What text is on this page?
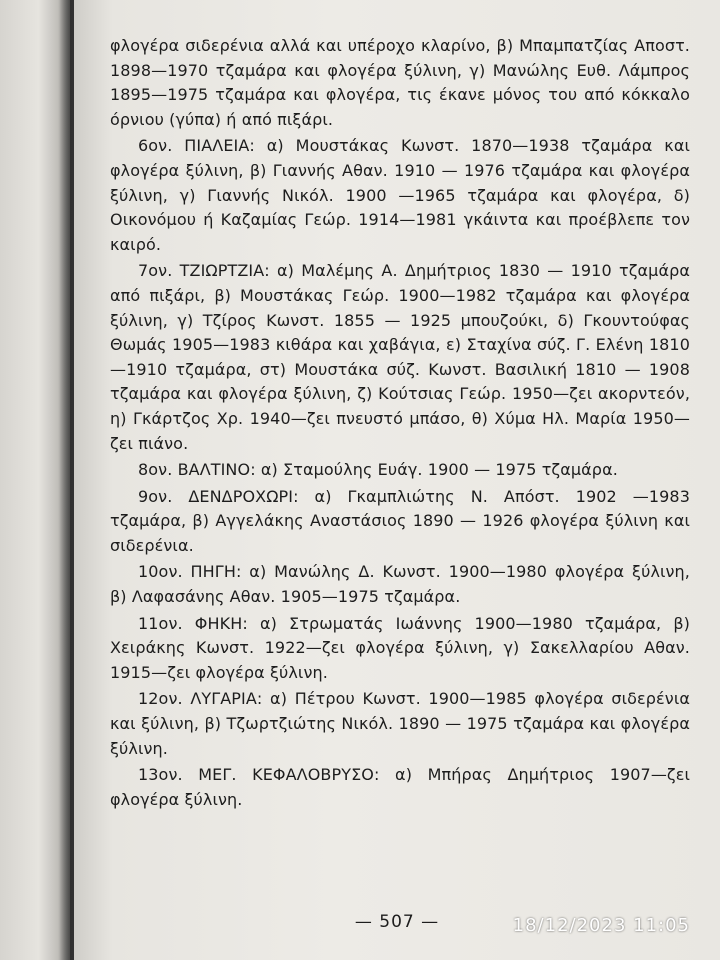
φλογέρα σιδερένια αλλά και υπέροχο κλαρίνο, β) Μπαμπατζίας Αποστ. 1898—1970 τζαμάρα και φλογέρα ξύλινη, γ) Μανώλης Ευθ. Λάμπρος 1895—1975 τζαμάρα και φλογέρα, τις έκανε μόνος του από κόκκαλο όρνιου (γύπα) ή από πιξάρι.

6ον. ΠΙΑΛΕΙΑ: α) Μουστάκας Κωνστ. 1870—1938 τζαμάρα και φλογέρα ξύλινη, β) Γιαννής Αθαν. 1910 — 1976 τζαμάρα και φλογέρα ξύλινη, γ) Γιαννής Νικόλ. 1900 —1965 τζαμάρα και φλογέρα, δ) Οικονόμου ή Καζαμίας Γεώρ. 1914—1981 γκάιντα και προέβλεπε τον καιρό.

7ον. ΤΖΙΩΡΤΖΙΑ: α) Μαλέμης Α. Δημήτριος 1830 — 1910 τζαμάρα από πιξάρι, β) Μουστάκας Γεώρ. 1900—1982 τζαμάρα και φλογέρα ξύλινη, γ) Τζίρος Κωνστ. 1855 — 1925 μπουζούκι, δ) Γκουντούφας Θωμάς 1905—1983 κιθάρα και χαβάγια, ε) Σταχίνα σύζ. Γ. Ελένη 1810—1910 τζαμάρα, στ) Μουστάκα σύζ. Κωνστ. Βασιλική 1810 — 1908 τζαμάρα και φλογέρα ξύλινη, ζ) Κούτσιας Γεώρ. 1950—ζει ακορντεόν, η) Γκάρτζος Χρ. 1940—ζει πνευστό μπάσο, θ) Χύμα Ηλ. Μαρία 1950—ζει πιάνο.

8ον. ΒΑΛΤΙΝΟ: α) Σταμούλης Ευάγ. 1900 — 1975 τζαμάρα.

9ον. ΔΕΝΔΡΟΧΩΡΙ: α) Γκαμπλιώτης Ν. Απόστ. 1902 —1983 τζαμάρα, β) Αγγελάκης Αναστάσιος 1890 — 1926 φλογέρα ξύλινη και σιδερένια.

10ον. ΠΗΓΗ: α) Μανώλης Δ. Κωνστ. 1900—1980 φλογέρα ξύλινη, β) Λαφασάνης Αθαν. 1905—1975 τζαμάρα.

11ον. ΦΗΚΗ: α) Στρωματάς Ιωάννης 1900—1980 τζαμάρα, β) Χειράκης Κωνστ. 1922—ζει φλογέρα ξύλινη, γ) Σακελλαρίου Αθαν. 1915—ζει φλογέρα ξύλινη.

12ον. ΛΥΓΑΡΙΑ: α) Πέτρου Κωνστ. 1900—1985 φλογέρα σιδερένια και ξύλινη, β) Τζωρτζιώτης Νικόλ. 1890 — 1975 τζαμάρα και φλογέρα ξύλινη.

13ον. ΜΕΓ. ΚΕΦΑΛΟΒΡΥΣΟ: α) Μπήρας Δημήτριος 1907—ζει φλογέρα ξύλινη.

— 507 —	18/12/2023 11:05
